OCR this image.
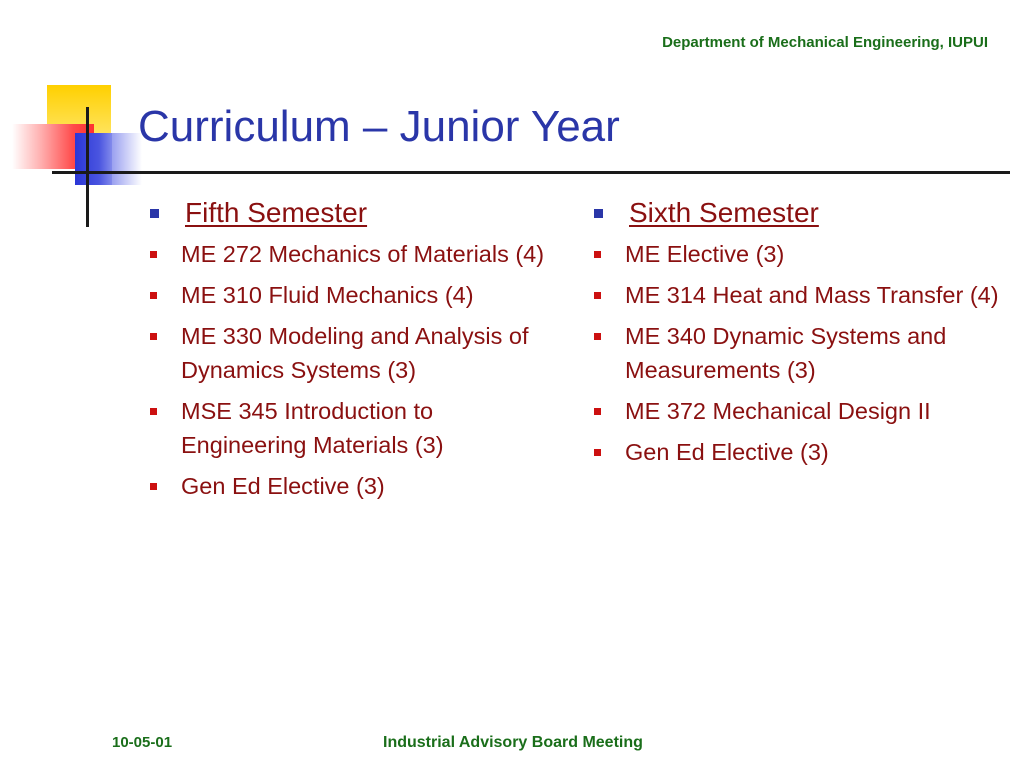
Department of Mechanical Engineering, IUPUI
Curriculum – Junior Year
Fifth Semester
ME 272 Mechanics of Materials (4)
ME 310 Fluid Mechanics (4)
ME 330 Modeling and Analysis of Dynamics Systems (3)
MSE 345 Introduction to Engineering Materials (3)
Gen Ed Elective (3)
Sixth Semester
ME Elective (3)
ME 314 Heat and Mass Transfer (4)
ME 340 Dynamic Systems and Measurements (3)
ME 372 Mechanical Design II
Gen Ed Elective (3)
10-05-01	Industrial Advisory Board Meeting
